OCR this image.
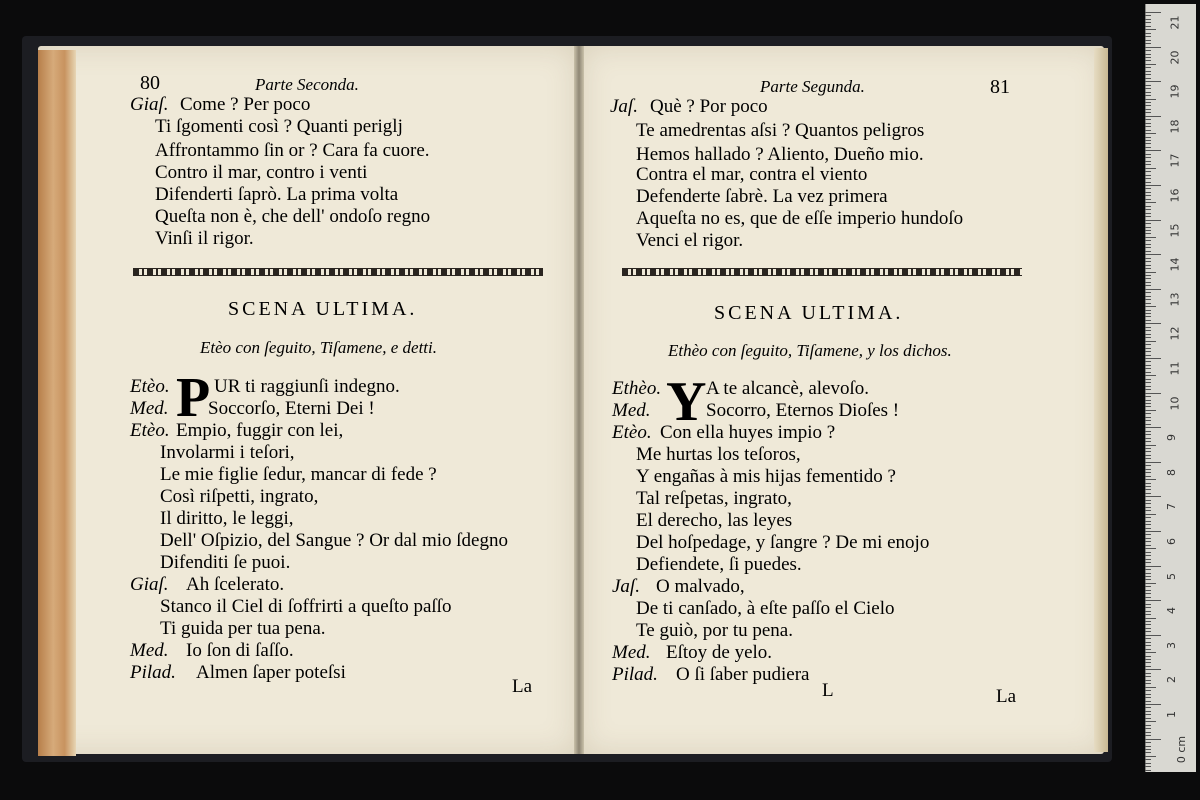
80	Parte Seconda.
Giaſ. Come ? Per poco
Ti ſgomenti così ? Quanti periglj
Affrontammo ſin or ? Cara fa cuore.
Contro il mar, contro i venti
Difenderti ſaprò. La prima volta
Queſta non è, che dell' ondoſo regno
Vinſi il rigor.
SCENA ULTIMA.
Etèo con ſeguito, Tiſamene, e detti.
P
Etèo. UR ti raggiunſi indegno.
Med. Soccorſo, Eterni Dei !
Etèo. Empio, fuggir con lei,
Involarmi i teſori,
Le mie figlie ſedur, mancar di fede ?
Così riſpetti, ingrato,
Il diritto, le leggi,
Dell' Oſpizio, del Sangue ? Or dal mio ſdegno
Difenditi ſe puoi.
Giaſ. Ah ſcelerato.
Stanco il Ciel di ſoffrirti a queſto paſſo
Ti guida per tua pena.
Med. Io ſon di ſaſſo.
Pilad. Almen ſaper poteſsi
La
Parte Segunda.	81
Jaſ. Què ? Por poco
Te amedrentas aſsi ? Quantos peligros
Hemos hallado ? Aliento, Dueño mio.
Contra el mar, contra el viento
Defenderte ſabrè. La vez primera
Aqueſta no es, que de eſſe imperio hundoſo
Venci el rigor.
SCENA ULTIMA.
Ethèo con ſeguito, Tiſamene, y los dichos.
Y
Ethèo. A te alcancè, alevoſo.
Med.	Socorro, Eternos Dioſes !
Etèo. Con ella huyes impio ?
Me hurtas los teſoros,
Y engañas à mis hijas fementido ?
Tal reſpetas, ingrato,
El derecho, las leyes
Del hoſpedage, y ſangre ? De mi enojo
Defiendete, ſi puedes.
Jaſ. O malvado,
De ti canſado, à eſte paſſo el Cielo
Te guiò, por tu pena.
Med. Eſtoy de yelo.
Pilad. O ſi ſaber pudiera
L	La
21
20
19
18
17
16
15
14
13
12
11
10
9
8
7
6
5
4
3
2
1
0 cm
